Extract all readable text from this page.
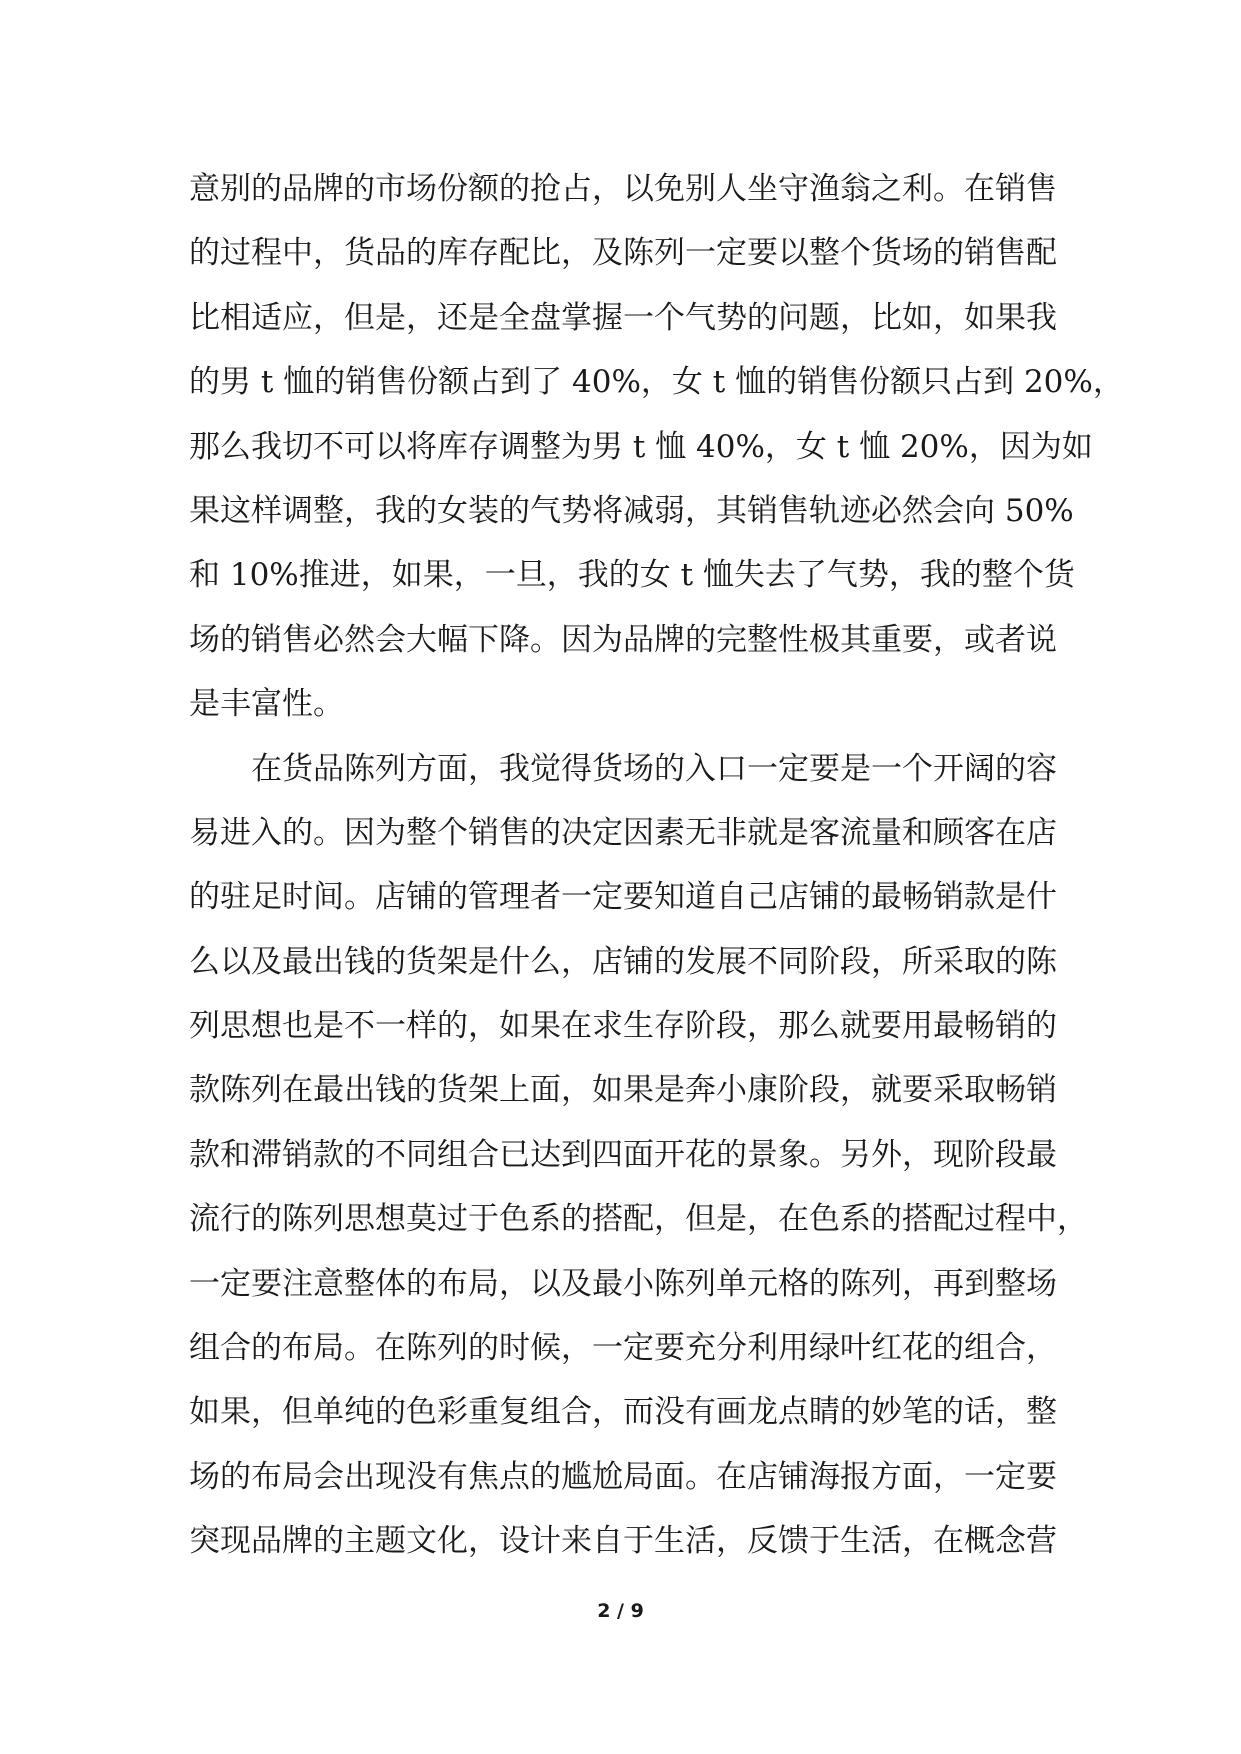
意别的品牌的市场份额的抢占，以免别人坐守渔翁之利。在销售
的过程中，货品的库存配比，及陈列一定要以整个货场的销售配
比相适应，但是，还是全盘掌握一个气势的问题，比如，如果我
的男 t 恤的销售份额占到了 40%，女 t 恤的销售份额只占到 20%，
那么我切不可以将库存调整为男 t 恤 40%，女 t 恤 20%，因为如
果这样调整，我的女装的气势将减弱，其销售轨迹必然会向 50%
和 10%推进，如果，一旦，我的女 t 恤失去了气势，我的整个货
场的销售必然会大幅下降。因为品牌的完整性极其重要，或者说
是丰富性。
在货品陈列方面，我觉得货场的入口一定要是一个开阔的容
易进入的。因为整个销售的决定因素无非就是客流量和顾客在店
的驻足时间。店铺的管理者一定要知道自己店铺的最畅销款是什
么以及最出钱的货架是什么，店铺的发展不同阶段，所采取的陈
列思想也是不一样的，如果在求生存阶段，那么就要用最畅销的
款陈列在最出钱的货架上面，如果是奔小康阶段，就要采取畅销
款和滞销款的不同组合已达到四面开花的景象。另外，现阶段最
流行的陈列思想莫过于色系的搭配，但是，在色系的搭配过程中，
一定要注意整体的布局，以及最小陈列单元格的陈列，再到整场
组合的布局。在陈列的时候，一定要充分利用绿叶红花的组合，
如果，但单纯的色彩重复组合，而没有画龙点睛的妙笔的话，整
场的布局会出现没有焦点的尴尬局面。在店铺海报方面，一定要
突现品牌的主题文化，设计来自于生活，反馈于生活，在概念营
2 / 9
